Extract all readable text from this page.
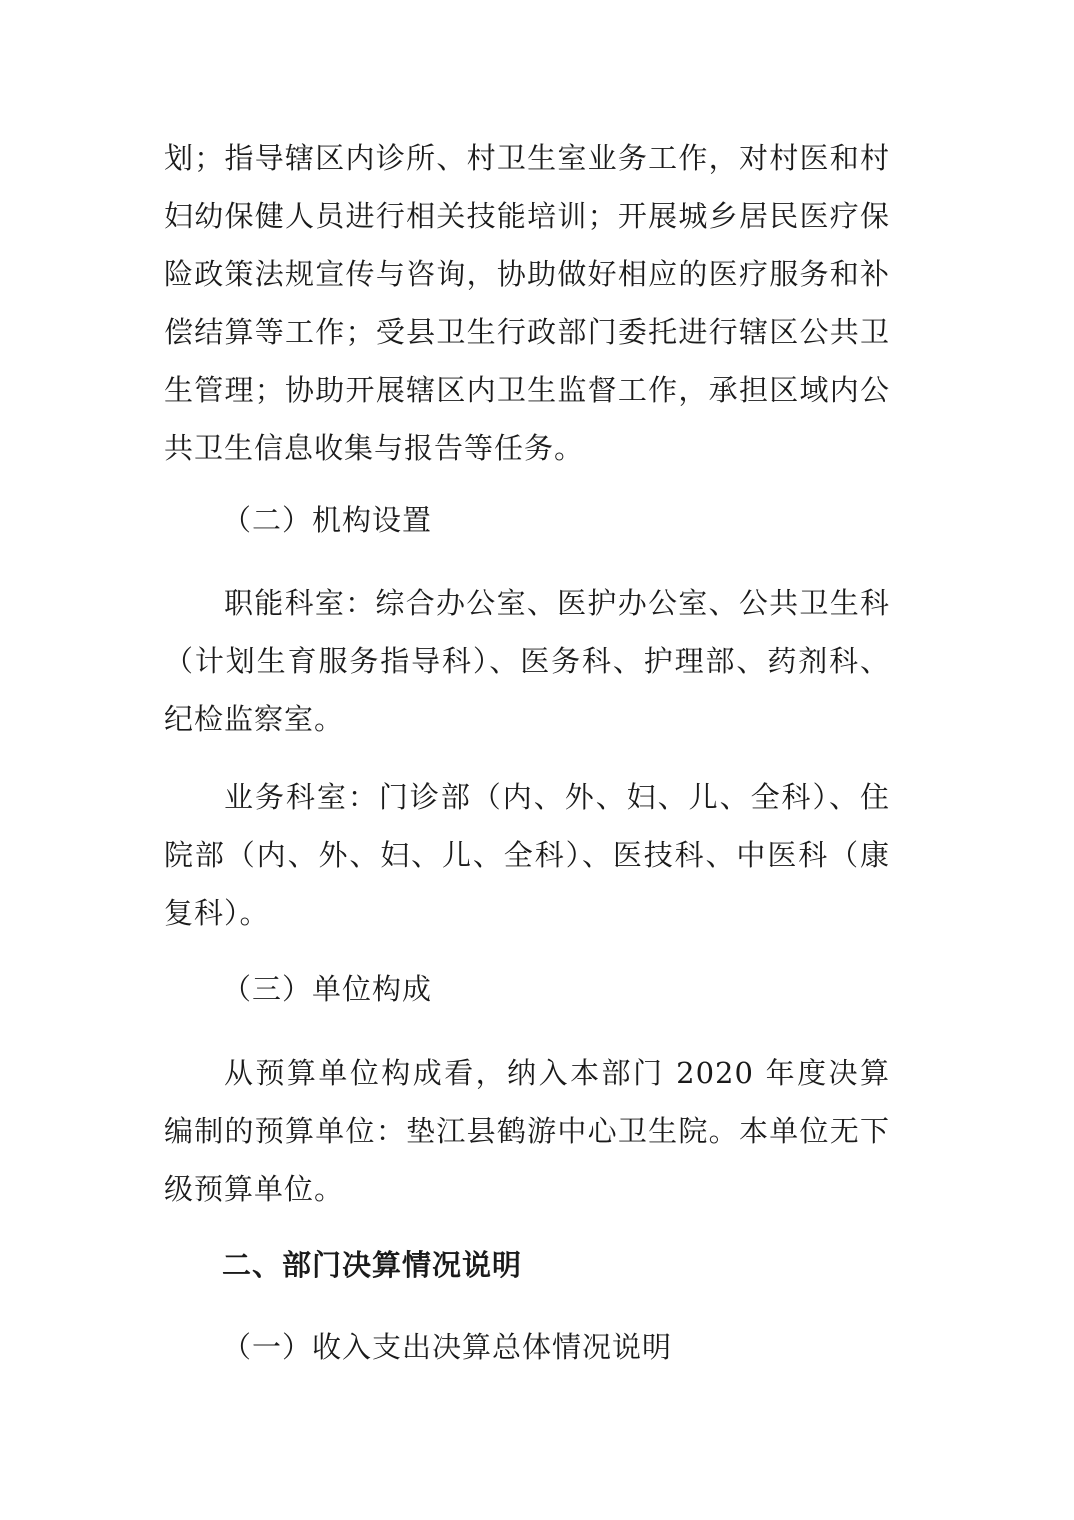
划；指导辖区内诊所、村卫生室业务工作，对村医和村妇幼保健人员进行相关技能培训；开展城乡居民医疗保险政策法规宣传与咨询，协助做好相应的医疗服务和补偿结算等工作；受县卫生行政部门委托进行辖区公共卫生管理；协助开展辖区内卫生监督工作，承担区域内公共卫生信息收集与报告等任务。

（二）机构设置

职能科室：综合办公室、医护办公室、公共卫生科（计划生育服务指导科）、医务科、护理部、药剂科、纪检监察室。

业务科室：门诊部（内、外、妇、儿、全科）、住院部（内、外、妇、儿、全科）、医技科、中医科（康复科）。

（三）单位构成

从预算单位构成看，纳入本部门 2020 年度决算编制的预算单位：垫江县鹤游中心卫生院。本单位无下级预算单位。

二、部门决算情况说明
（一）收入支出决算总体情况说明
